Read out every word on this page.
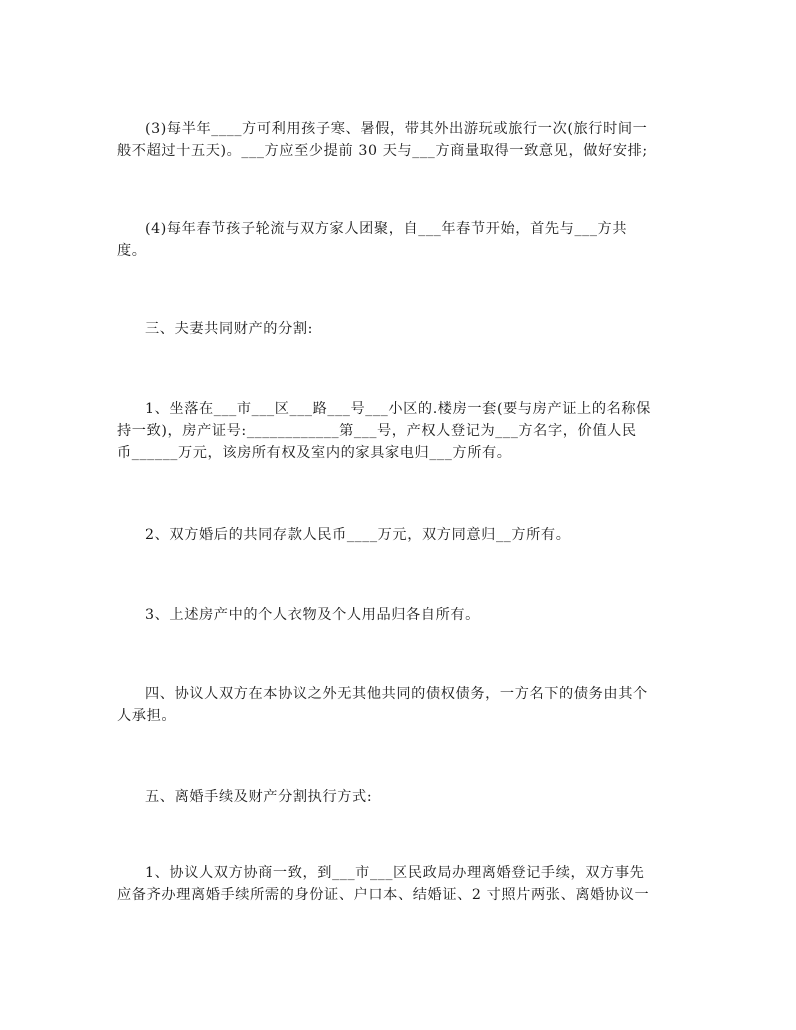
(3)每半年____方可利用孩子寒、暑假，带其外出游玩或旅行一次(旅行时间一
般不超过十五天)。___方应至少提前 30 天与___方商量取得一致意见，做好安排;

(4)每年春节孩子轮流与双方家人团聚，自___年春节开始，首先与___方共
度。

三、夫妻共同财产的分割:

1、坐落在___市___区___路___号___小区的.楼房一套(要与房产证上的名称保
持一致)，房产证号:____________第___号，产权人登记为___方名字，价值人民
币______万元，该房所有权及室内的家具家电归___方所有。

2、双方婚后的共同存款人民币____万元，双方同意归__方所有。

3、上述房产中的个人衣物及个人用品归各自所有。

四、协议人双方在本协议之外无其他共同的债权债务，一方名下的债务由其个
人承担。

五、离婚手续及财产分割执行方式:

1、协议人双方协商一致，到___市___区民政局办理离婚登记手续，双方事先
应备齐办理离婚手续所需的身份证、户口本、结婚证、2 寸照片两张、离婚协议一
